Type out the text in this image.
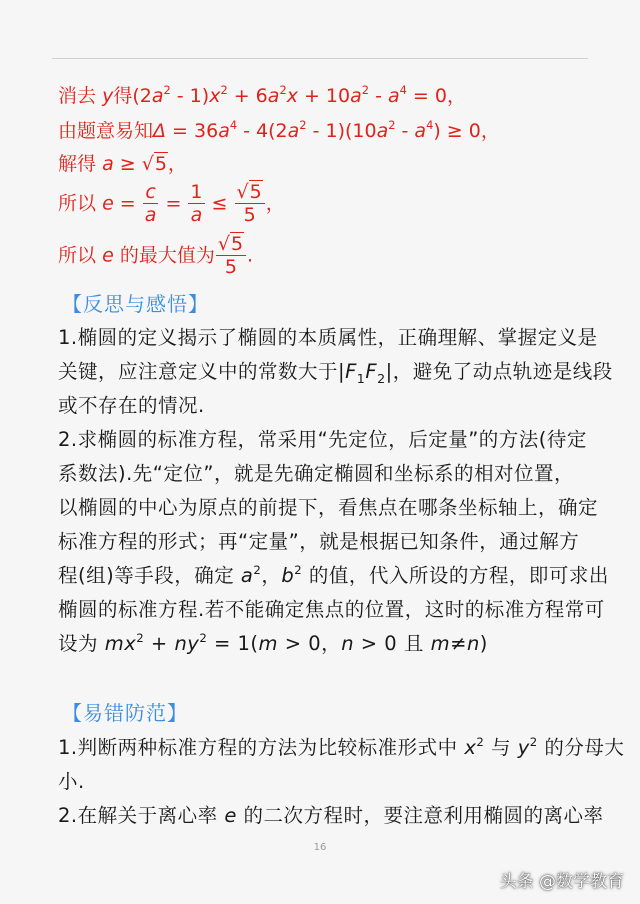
消去 y得$(2a^2 - 1)x^2 + 6a^2x + 10a^2 - a^4 = 0$，
由题意易知$\Delta = 36a^4 - 4(2a^2 - 1)(10a^2 - a^4) \ge 0$，
解得 a ≥ √5，
所以 $e = \frac{c}{a} = \frac{1}{a} \le \frac{√5}{5}$ ，
所以 e 的最大值为 $\frac{√5}{5}$ .
【反思与感悟】
1.椭圆的定义揭示了椭圆的本质属性，正确理解、掌握定义是
关键，应注意定义中的常数大于$|F_1F_2|$，避免了动点轨迹是线段
或不存在的情况.
2.求椭圆的标准方程，常采用“先定位，后定量”的方法(待定
系数法).先“定位”，就是先确定椭圆和坐标系的相对位置，
以椭圆的中心为原点的前提下，看焦点在哪条坐标轴上，确定
标准方程的形式；再“定量”，就是根据已知条件，通过解方
程(组)等手段，确定 $a^2$，$b^2$ 的值，代入所设的方程，即可求出
椭圆的标准方程.若不能确定焦点的位置，这时的标准方程常可
设为 $mx^2 + ny^2 = 1(m > 0$，n > 0 且 m≠n)
【易错防范】
1.判断两种标准方程的方法为比较标准形式中 $x^2$ 与 $y^2$ 的分母大
小.
2.在解关于离心率 e 的二次方程时，要注意利用椭圆的离心率
16
头条 @数学教育
